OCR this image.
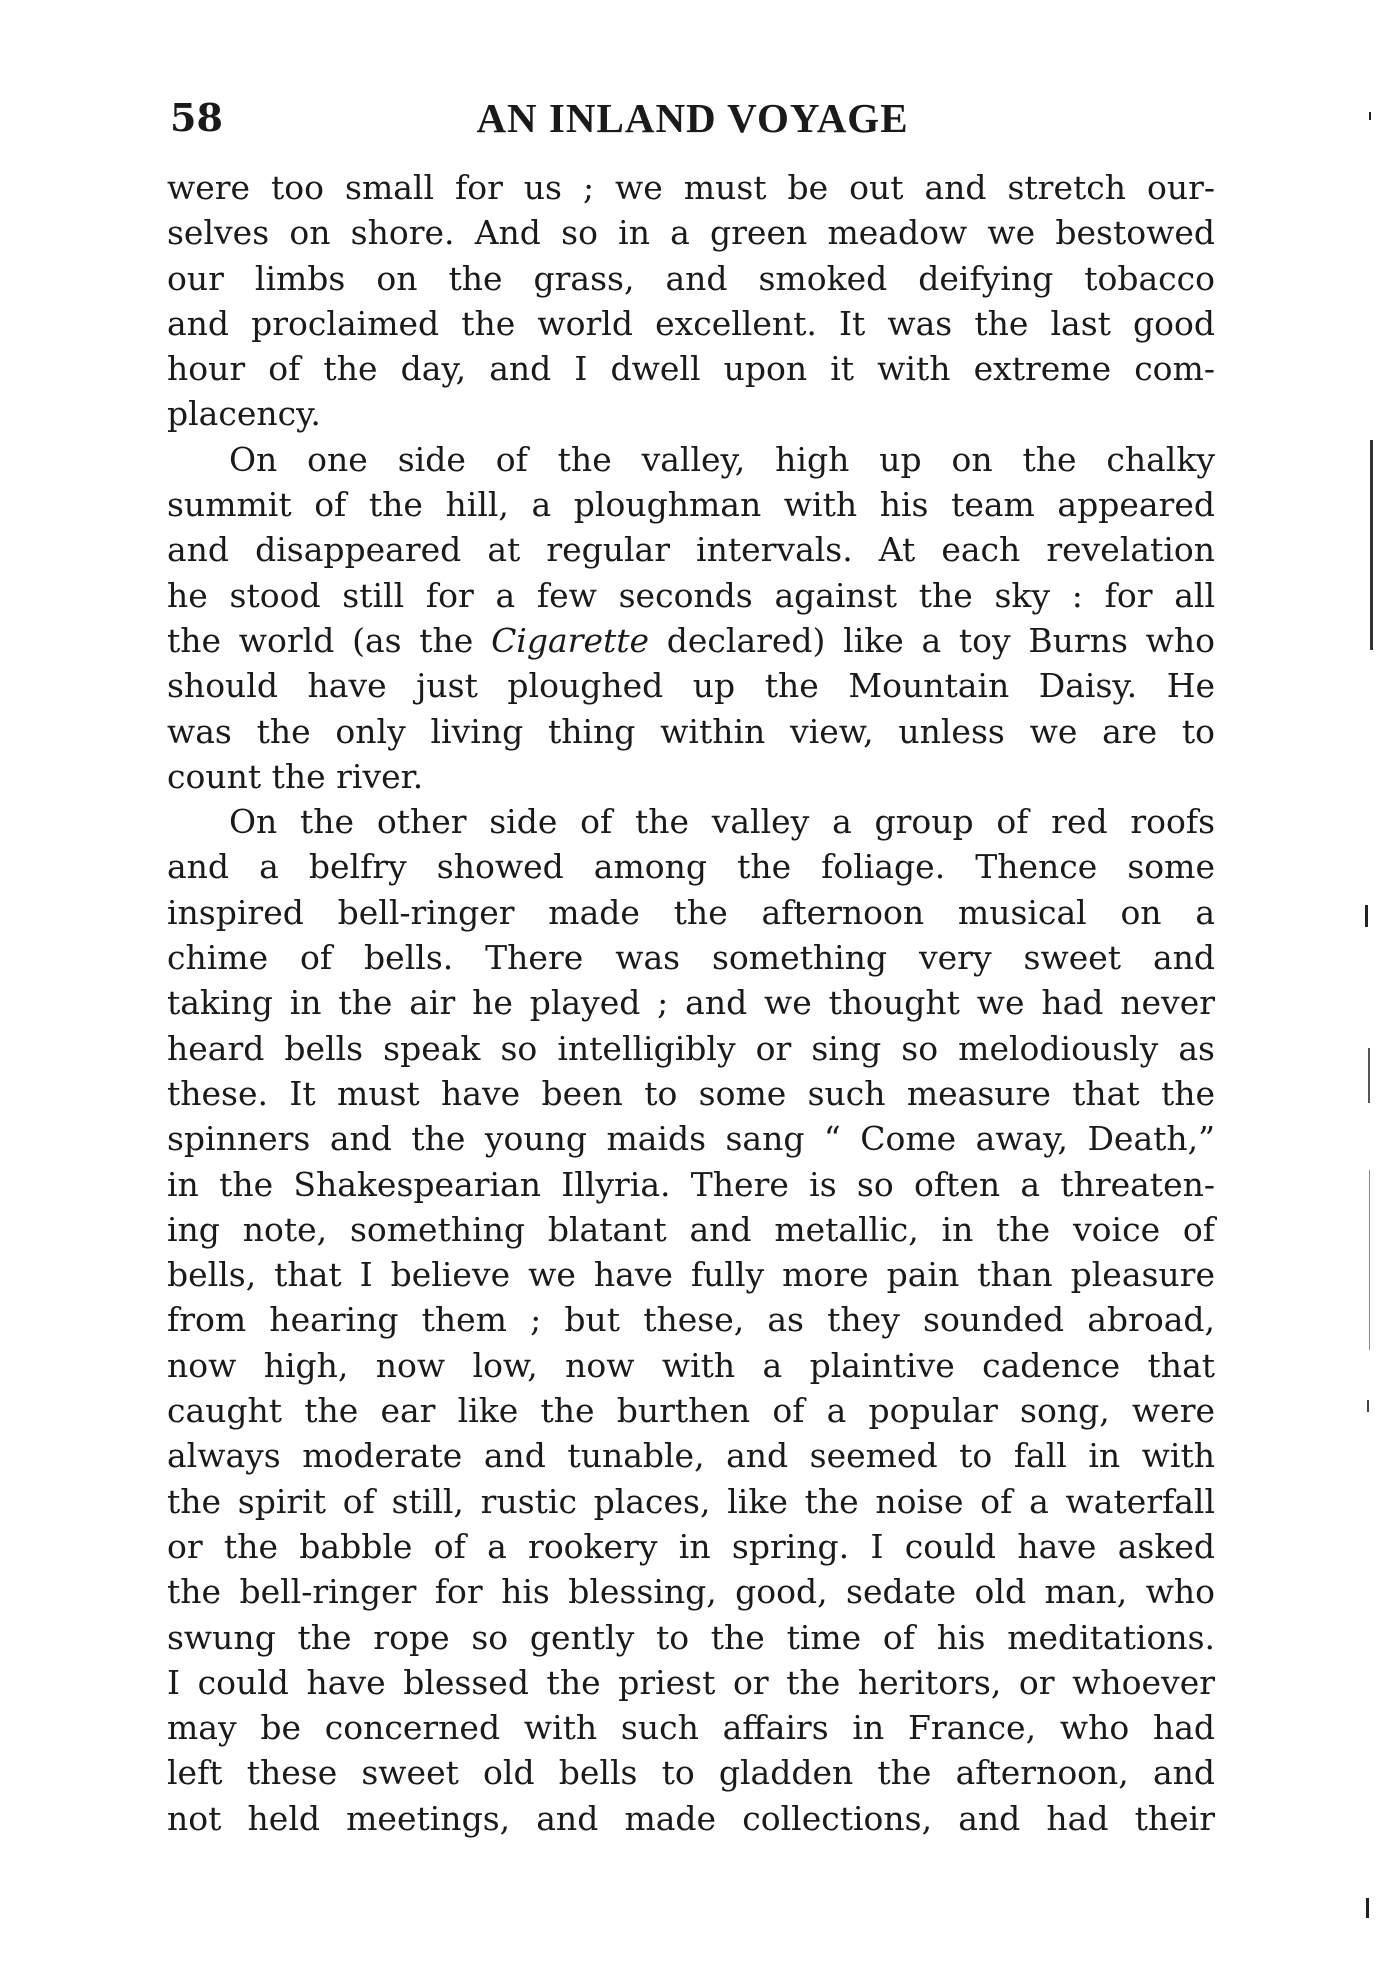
58	AN INLAND VOYAGE
were too small for us ; we must be out and stretch our-
selves on shore. And so in a green meadow we bestowed
our limbs on the grass, and smoked deifying tobacco
and proclaimed the world excellent. It was the last good
hour of the day, and I dwell upon it with extreme com-
placency.
On one side of the valley, high up on the chalky
summit of the hill, a ploughman with his team appeared
and disappeared at regular intervals. At each revelation
he stood still for a few seconds against the sky : for all
the world (as the Cigarette declared) like a toy Burns who
should have just ploughed up the Mountain Daisy. He
was the only living thing within view, unless we are to
count the river.
On the other side of the valley a group of red roofs
and a belfry showed among the foliage. Thence some
inspired bell-ringer made the afternoon musical on a
chime of bells. There was something very sweet and
taking in the air he played ; and we thought we had never
heard bells speak so intelligibly or sing so melodiously as
these. It must have been to some such measure that the
spinners and the young maids sang “ Come away, Death,”
in the Shakespearian Illyria. There is so often a threaten-
ing note, something blatant and metallic, in the voice of
bells, that I believe we have fully more pain than pleasure
from hearing them ; but these, as they sounded abroad,
now high, now low, now with a plaintive cadence that
caught the ear like the burthen of a popular song, were
always moderate and tunable, and seemed to fall in with
the spirit of still, rustic places, like the noise of a waterfall
or the babble of a rookery in spring. I could have asked
the bell-ringer for his blessing, good, sedate old man, who
swung the rope so gently to the time of his meditations.
I could have blessed the priest or the heritors, or whoever
may be concerned with such affairs in France, who had
left these sweet old bells to gladden the afternoon, and
not held meetings, and made collections, and had their
